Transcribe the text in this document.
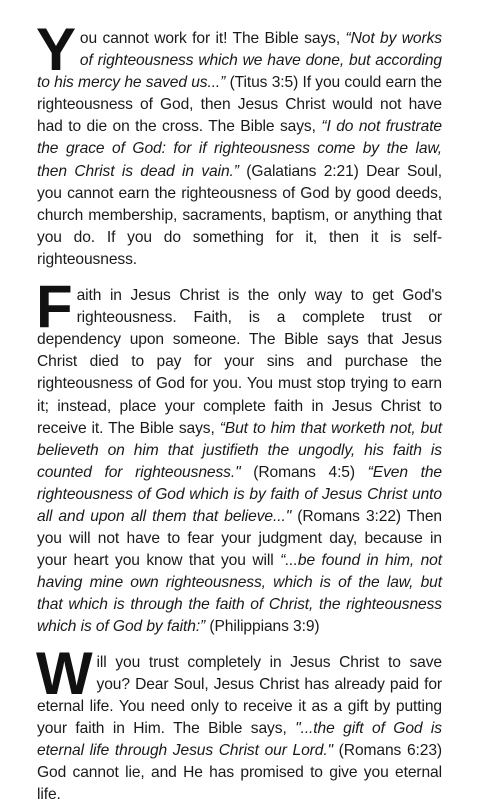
You cannot work for it! The Bible says, “Not by works of righteousness which we have done, but according to his mercy he saved us...” (Titus 3:5) If you could earn the righteousness of God, then Jesus Christ would not have had to die on the cross. The Bible says, “I do not frustrate the grace of God: for if righteousness come by the law, then Christ is dead in vain.” (Galatians 2:21) Dear Soul, you cannot earn the righteousness of God by good deeds, church membership, sacraments, baptism, or anything that you do. If you do something for it, then it is self-righteousness.

Faith in Jesus Christ is the only way to get God's righteousness. Faith, is a complete trust or dependency upon someone. The Bible says that Jesus Christ died to pay for your sins and purchase the righteousness of God for you. You must stop trying to earn it; instead, place your complete faith in Jesus Christ to receive it. The Bible says, “But to him that worketh not, but believeth on him that justifieth the ungodly, his faith is counted for righteousness." (Romans 4:5) “Even the righteousness of God which is by faith of Jesus Christ unto all and upon all them that believe..." (Romans 3:22) Then you will not have to fear your judgment day, because in your heart you know that you will “...be found in him, not having mine own righteousness, which is of the law, but that which is through the faith of Christ, the righteousness which is of God by faith:” (Philippians 3:9)

Will you trust completely in Jesus Christ to save you? Dear Soul, Jesus Christ has already paid for eternal life. You need only to receive it as a gift by putting your faith in Him. The Bible says, "...the gift of God is eternal life through Jesus Christ our Lord." (Romans 6:23) God cannot lie, and He has promised to give you eternal life.
